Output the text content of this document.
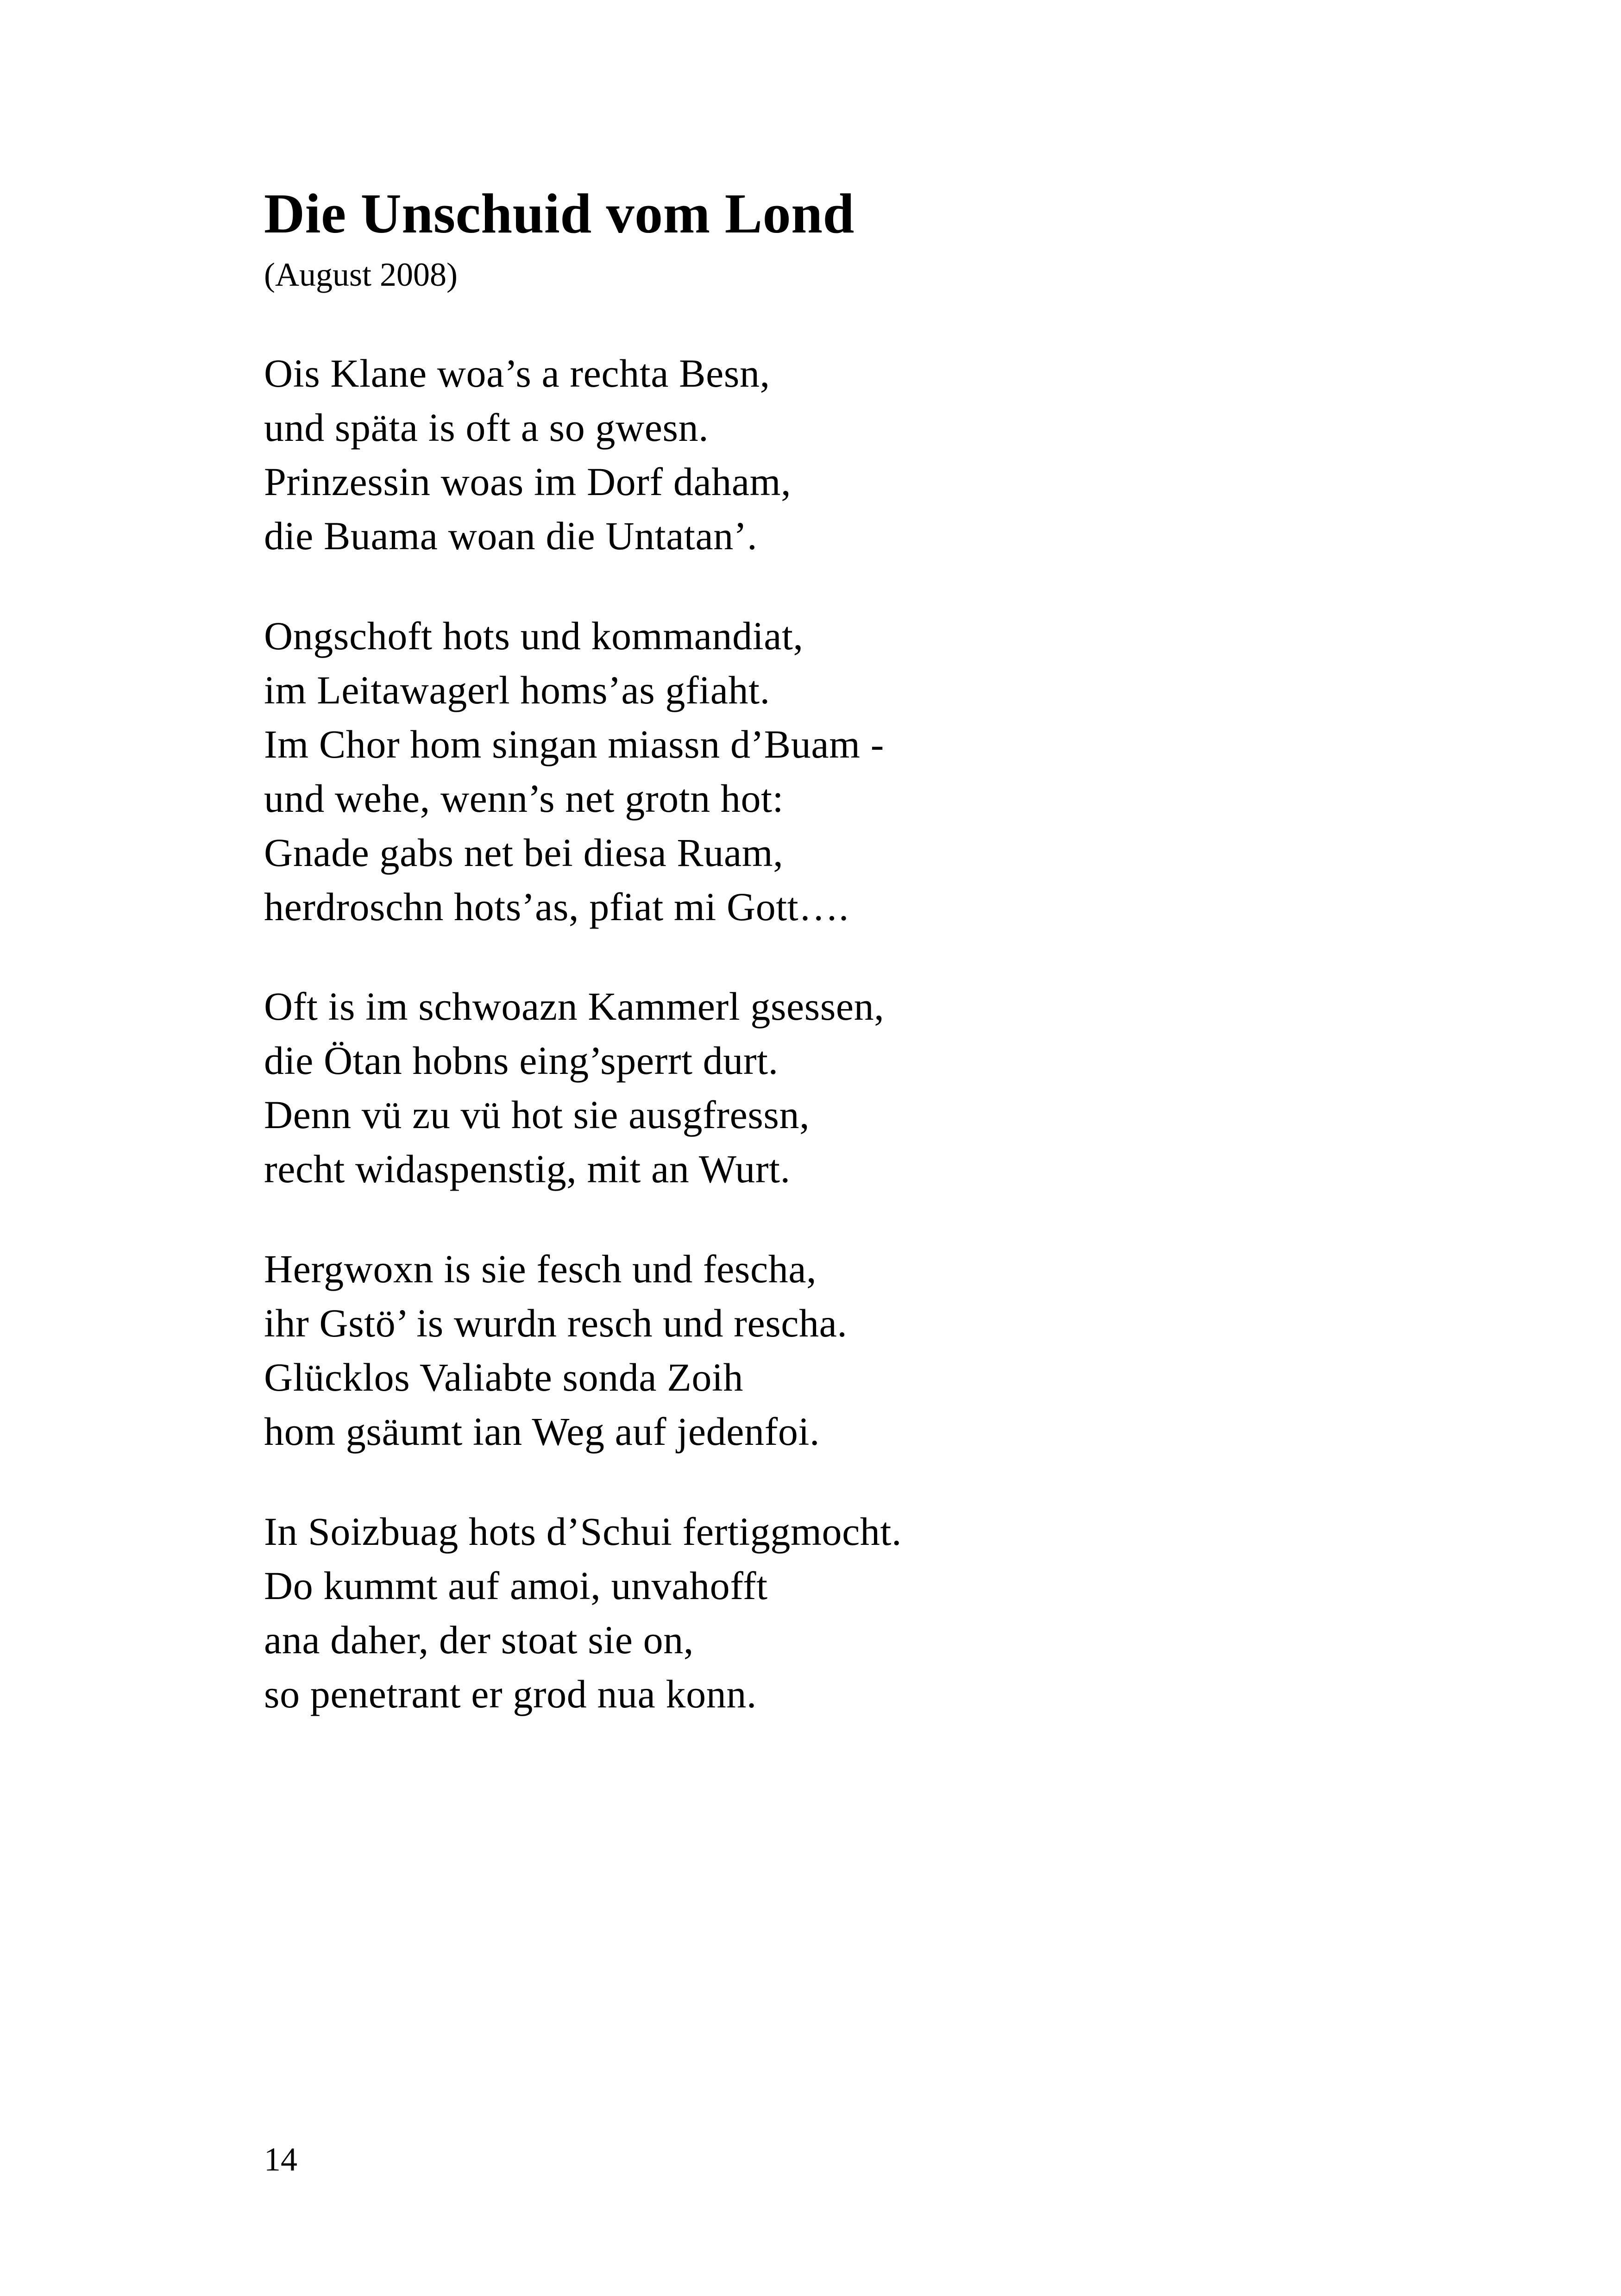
Die Unschuid vom Lond

(August 2008)

Ois Klane woa’s a rechta Besn,
und späta is oft a so gwesn.
Prinzessin woas im Dorf daham,
die Buama woan die Untatan’.
Ongschoft hots und kommandiat,
im Leitawagerl homs’as gfiaht.
Im Chor hom singan miassn d’Buam -
und wehe, wenn’s net grotn hot:
Gnade gabs net bei diesa Ruam,
herdroschn hots’as, pfiat mi Gott….
Oft is im schwoazn Kammerl gsessen,
die Ötan hobns eing’sperrt durt.
Denn vü zu vü hot sie ausgfressn,
recht widaspenstig, mit an Wurt.
Hergwoxn is sie fesch und fescha,
ihr Gstö’ is wurdn resch und rescha.
Glücklos Valiabte sonda Zoih
hom gsäumt ian Weg auf jedenfoi.
In Soizbuag hots d’Schui fertiggmocht.
Do kummt auf amoi, unvahofft
ana daher, der stoat sie on,
so penetrant er grod nua konn.

14
